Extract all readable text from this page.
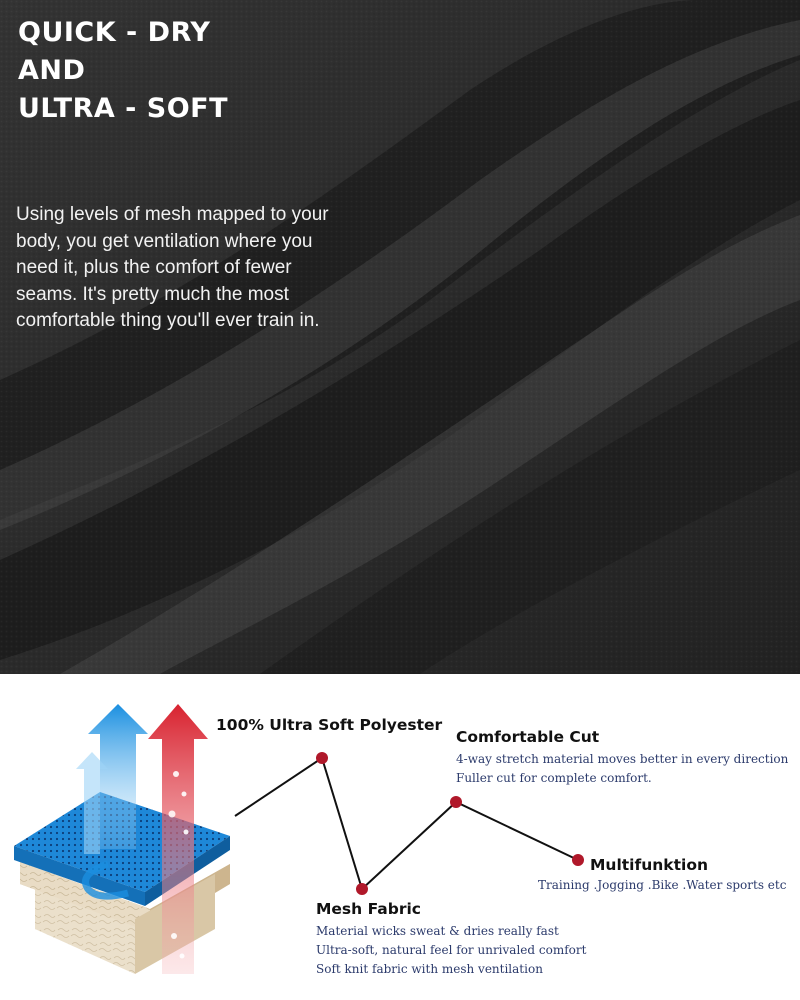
QUICK - DRY
AND
ULTRA - SOFT

Using levels of mesh mapped to your
body, you get ventilation where you
need it, plus the comfort of fewer
seams. It's pretty much the most
comfortable thing you'll ever train in.

100% Ultra Soft Polyester

Comfortable Cut

4-way stretch material moves better in every direction

Fuller cut for complete comfort.

Multifunktion

Training .Jogging .Bike .Water sports etc

Mesh Fabric

Material wicks sweat & dries really fast

Ultra-soft, natural feel for unrivaled comfort

Soft knit fabric with mesh ventilation
